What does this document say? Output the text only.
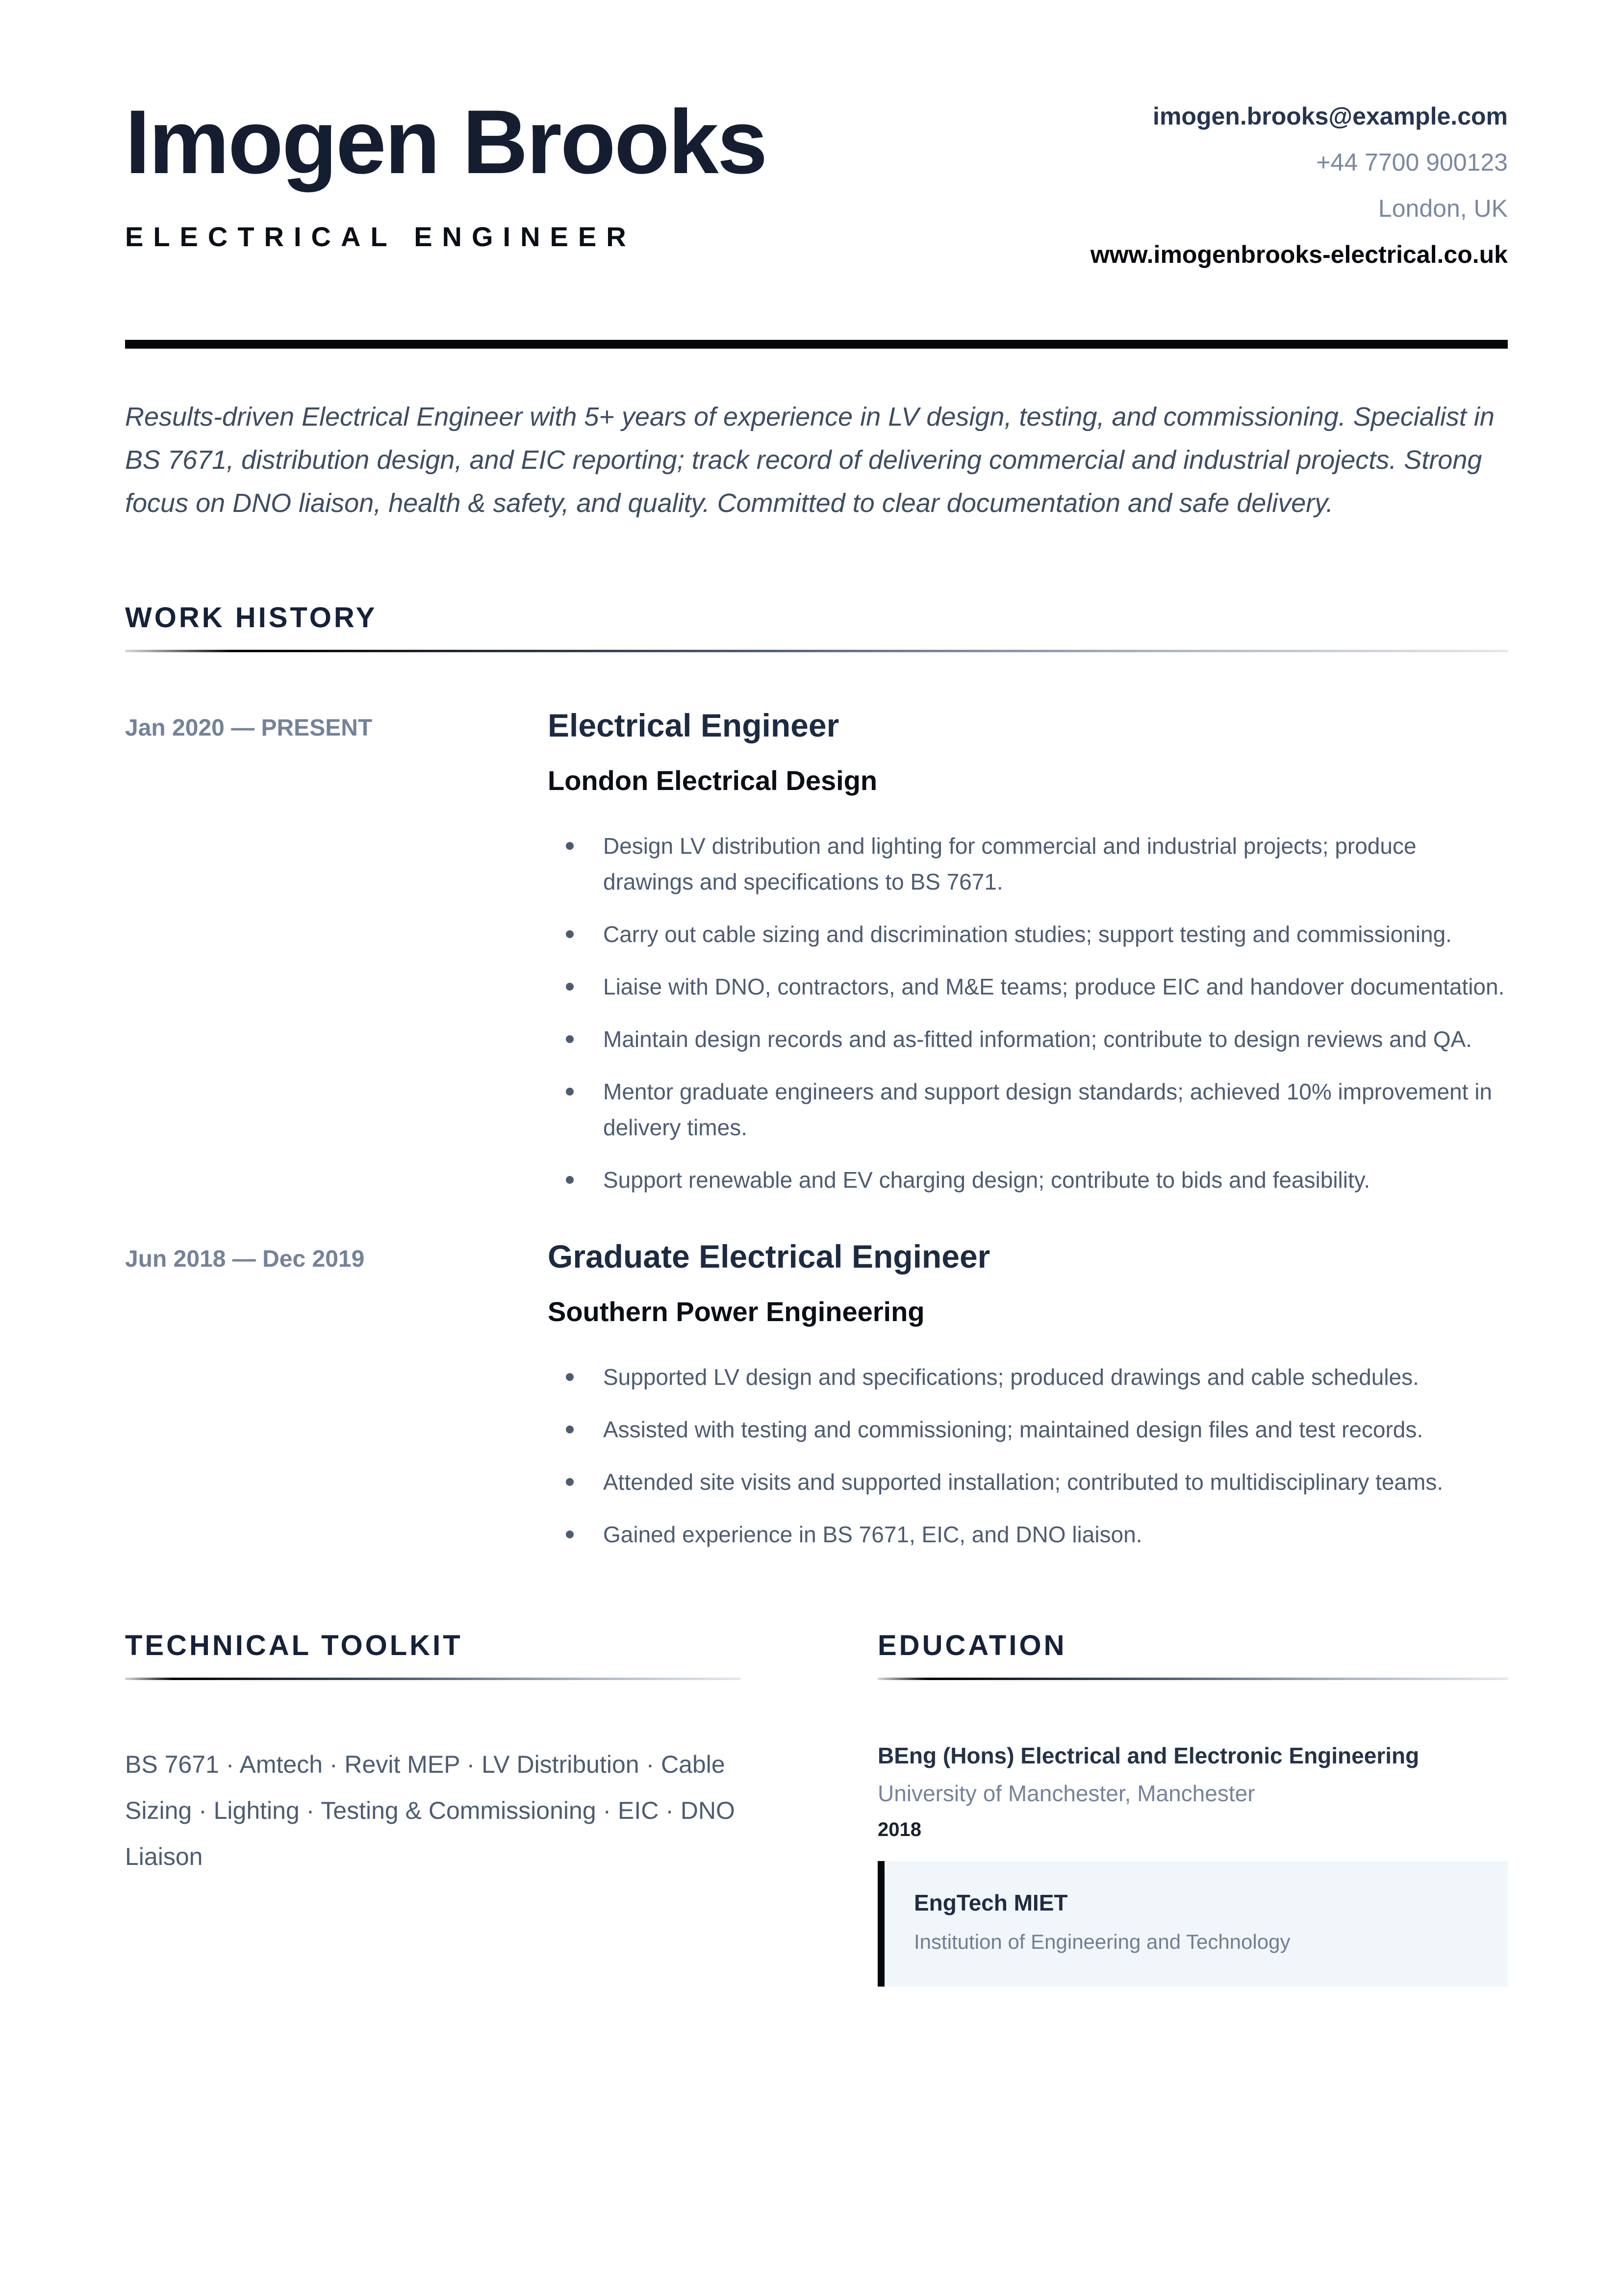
Imogen Brooks
ELECTRICAL ENGINEER
imogen.brooks@example.com
+44 7700 900123
London, UK
www.imogenbrooks-electrical.co.uk

Results-driven Electrical Engineer with 5+ years of experience in LV design, testing, and commissioning. Specialist in BS 7671, distribution design, and EIC reporting; track record of delivering commercial and industrial projects. Strong focus on DNO liaison, health & safety, and quality. Committed to clear documentation and safe delivery.

WORK HISTORY
Jan 2020 — PRESENT	Electrical Engineer
London Electrical Design
Design LV distribution and lighting for commercial and industrial projects; produce drawings and specifications to BS 7671.
Carry out cable sizing and discrimination studies; support testing and commissioning.
Liaise with DNO, contractors, and M&E teams; produce EIC and handover documentation.
Maintain design records and as-fitted information; contribute to design reviews and QA.
Mentor graduate engineers and support design standards; achieved 10% improvement in delivery times.
Support renewable and EV charging design; contribute to bids and feasibility.
Jun 2018 — Dec 2019	Graduate Electrical Engineer
Southern Power Engineering
Supported LV design and specifications; produced drawings and cable schedules.
Assisted with testing and commissioning; maintained design files and test records.
Attended site visits and supported installation; contributed to multidisciplinary teams.
Gained experience in BS 7671, EIC, and DNO liaison.
TECHNICAL TOOLKIT

BS 7671 · Amtech · Revit MEP · LV Distribution · Cable Sizing · Lighting · Testing & Commissioning · EIC · DNO Liaison

EDUCATION
BEng (Hons) Electrical and Electronic Engineering
University of Manchester, Manchester
2018
EngTech MIET
Institution of Engineering and Technology
